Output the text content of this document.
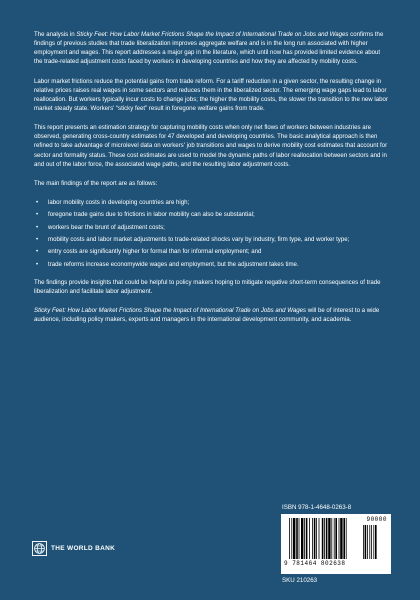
The analysis in Sticky Feet: How Labor Market Frictions Shape the Impact of International Trade on Jobs and Wages confirms the findings of previous studies that trade liberalization improves aggregate welfare and is in the long run associated with higher employment and wages. This report addresses a major gap in the literature, which until now has provided limited evidence about the trade-related adjustment costs faced by workers in developing countries and how they are affected by mobility costs.

Labor market frictions reduce the potential gains from trade reform. For a tariff reduction in a given sector, the resulting change in relative prices raises real wages in some sectors and reduces them in the liberalized sector. The emerging wage gaps lead to labor reallocation. But workers typically incur costs to change jobs; the higher the mobility costs, the slower the transition to the new labor market steady state. Workers' “sticky feet” result in foregone welfare gains from trade.

This report presents an estimation strategy for capturing mobility costs when only net flows of workers between industries are observed, generating cross-country estimates for 47 developed and developing countries. The basic analytical approach is then refined to take advantage of microlevel data on workers' job transitions and wages to derive mobility cost estimates that account for sector and formality status. These cost estimates are used to model the dynamic paths of labor reallocation between sectors and in and out of the labor force, the associated wage paths, and the resulting labor adjustment costs.

The main findings of the report are as follows:

• labor mobility costs in developing countries are high;
• foregone trade gains due to frictions in labor mobility can also be substantial;
• workers bear the brunt of adjustment costs;
• mobility costs and labor market adjustments to trade-related shocks vary by industry, firm type, and worker type;
• entry costs are significantly higher for formal than for informal employment; and
• trade reforms increase economywide wages and employment, but the adjustment takes time.

The findings provide insights that could be helpful to policy makers hoping to mitigate negative short-term consequences of trade liberalization and facilitate labor adjustment.

Sticky Feet: How Labor Market Frictions Shape the Impact of International Trade on Jobs and Wages will be of interest to a wide audience, including policy makers, experts and managers in the international development community, and academia.

ISBN 978-1-4648-0263-8
90000
9 781464 802638
SKU 210263
THE WORLD BANK
